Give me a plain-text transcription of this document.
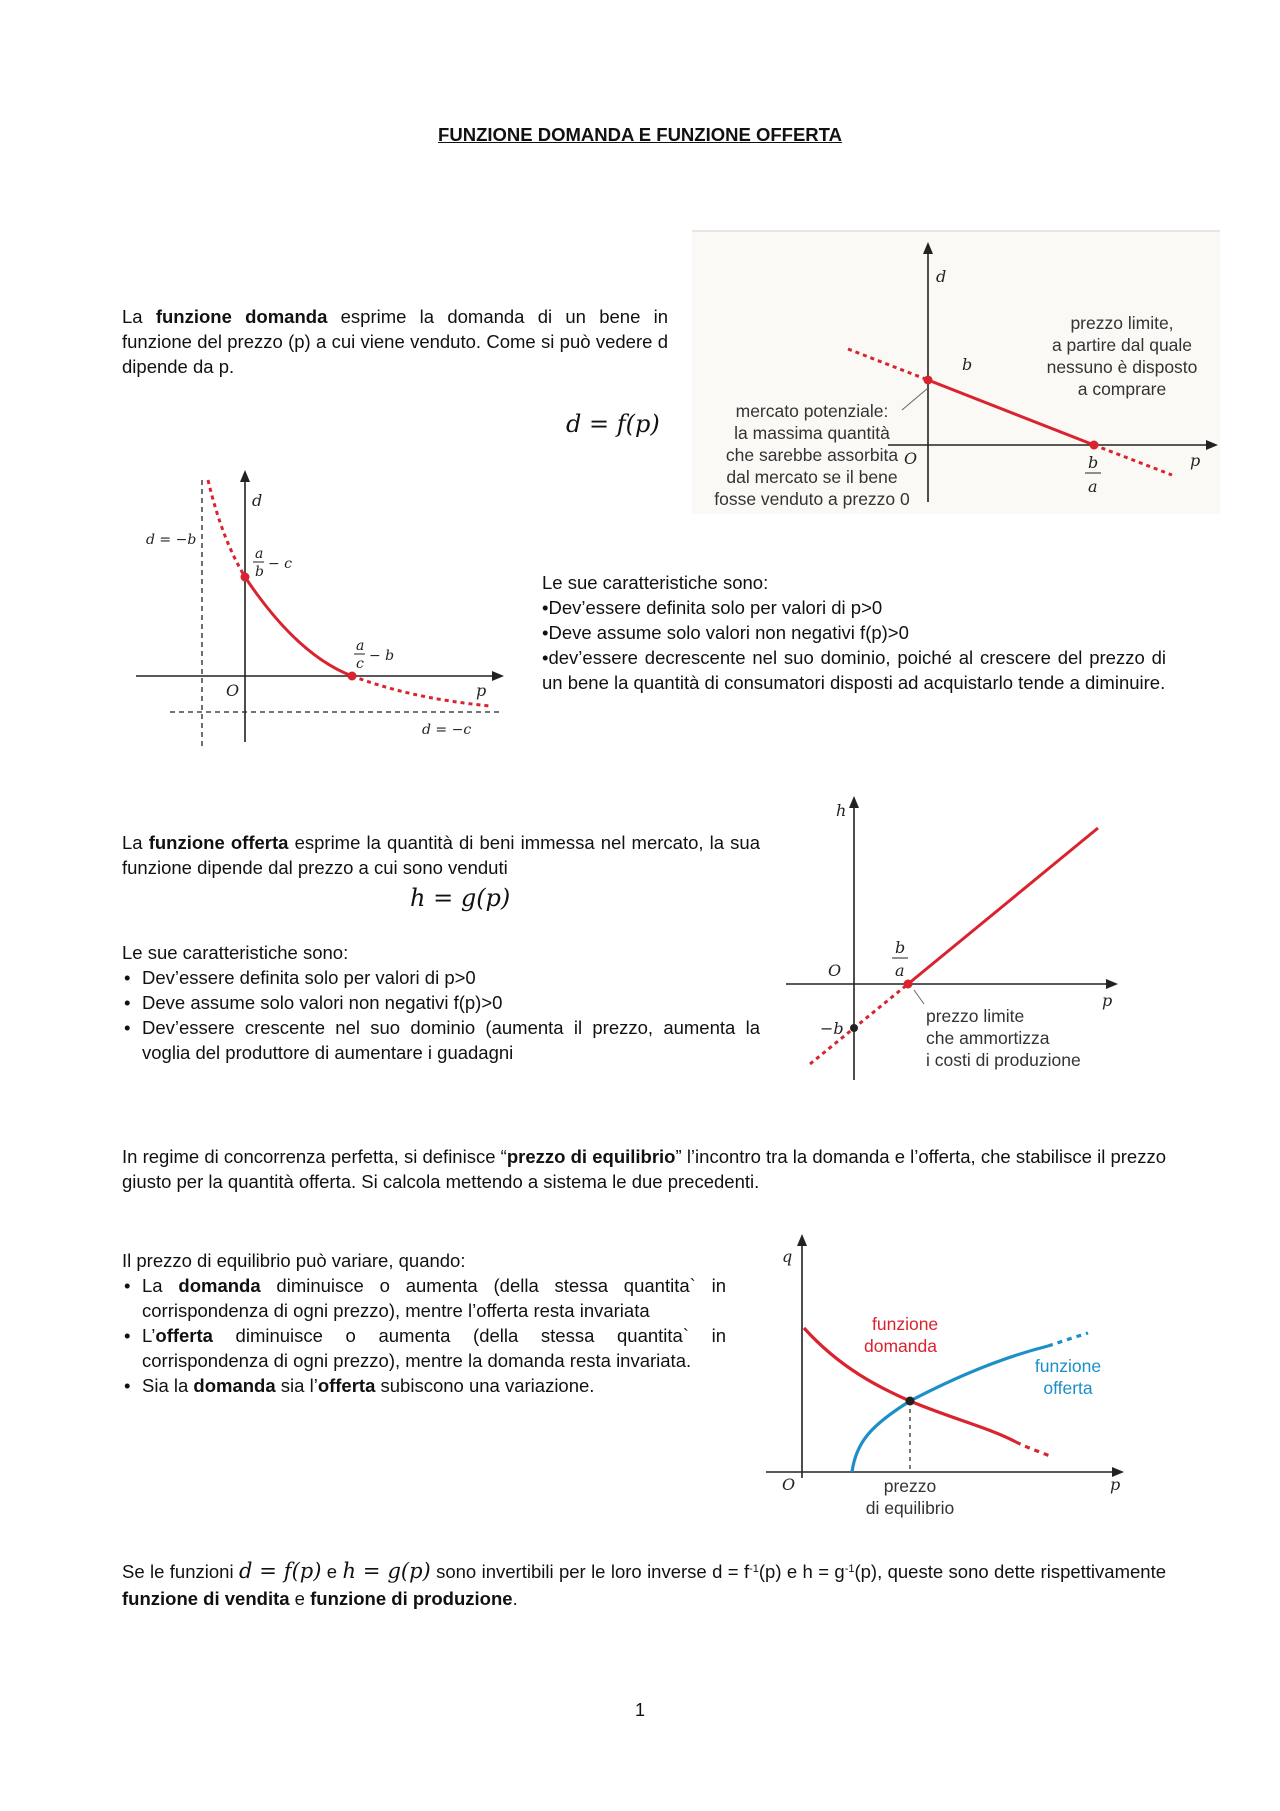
FUNZIONE DOMANDA E FUNZIONE OFFERTA
La funzione domanda esprime la domanda di un bene in funzione del prezzo (p) a cui viene venduto. Come si può vedere d dipende da p.
d = f(p)
d
p
O
b
b
a
prezzo limite,
a partire dal quale
nessuno è disposto
a comprare
mercato potenziale:
la massima quantità
che sarebbe assorbita
dal mercato se il bene
fosse venduto a prezzo 0
d
p
O
d = −b
d = −c
a
b − c
a
c − b

Le sue caratteristiche sono:

•Dev’essere definita solo per valori di p>0

•Deve assume solo valori non negativi f(p)>0

•dev’essere decrescente nel suo dominio, poiché al crescere del prezzo di un bene la quantità di consumatori disposti ad acquistarlo tende a diminuire.

La funzione offerta esprime la quantità di beni immessa nel mercato, la sua funzione dipende dal prezzo a cui sono venduti
h = g(p)
Le sue caratteristiche sono:
• Dev’essere definita solo per valori di p>0
• Deve assume solo valori non negativi f(p)>0
• Dev’essere crescente nel suo dominio (aumenta il prezzo, aumenta la voglia del produttore di aumentare i guadagni
h
p
O
−b
b
a
prezzo limite
che ammortizza
i costi di produzione
In regime di concorrenza perfetta, si definisce “prezzo di equilibrio” l’incontro tra la domanda e l’offerta, che stabilisce il prezzo giusto per la quantità offerta. Si calcola mettendo a sistema le due precedenti.
Il prezzo di equilibrio può variare, quando:
• La domanda diminuisce o aumenta (della stessa quantita` in corrispondenza di ogni prezzo), mentre l’offerta resta invariata
• L’offerta diminuisce o aumenta (della stessa quantita` in corrispondenza di ogni prezzo), mentre la domanda resta invariata.
• Sia la domanda sia l’offerta subiscono una variazione.
q
p
O
funzione
domanda
funzione
offerta
prezzo
di equilibrio
Se le funzioni d = f(p) e h = g(p) sono invertibili per le loro inverse $d = f^{-1}(p)$ e $h = g^{-1}(p)$, queste sono dette rispettivamente funzione di vendita e funzione di produzione.
1
